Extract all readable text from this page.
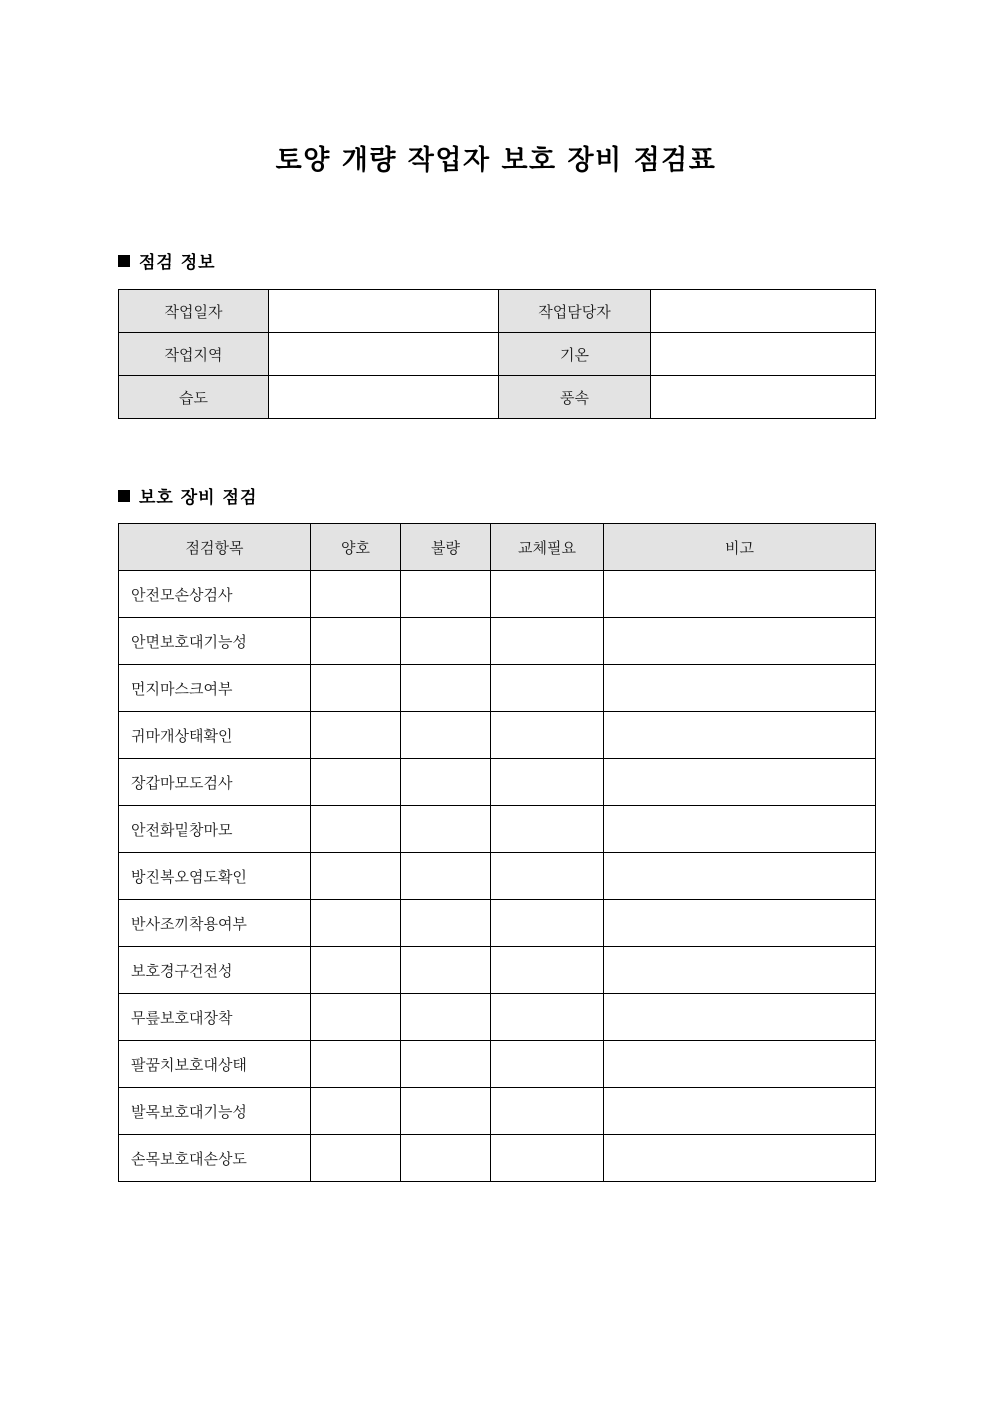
토양 개량 작업자 보호 장비 점검표
점검 정보
작업일자		작업담당자	
작업지역		기온	
습도		풍속	
보호 장비 점검
점검항목	양호	불량	교체필요	비고
안전모손상검사				
안면보호대기능성				
먼지마스크여부				
귀마개상태확인				
장갑마모도검사				
안전화밑창마모				
방진복오염도확인				
반사조끼착용여부				
보호경구건전성				
무릎보호대장착				
팔꿈치보호대상태				
발목보호대기능성				
손목보호대손상도				
